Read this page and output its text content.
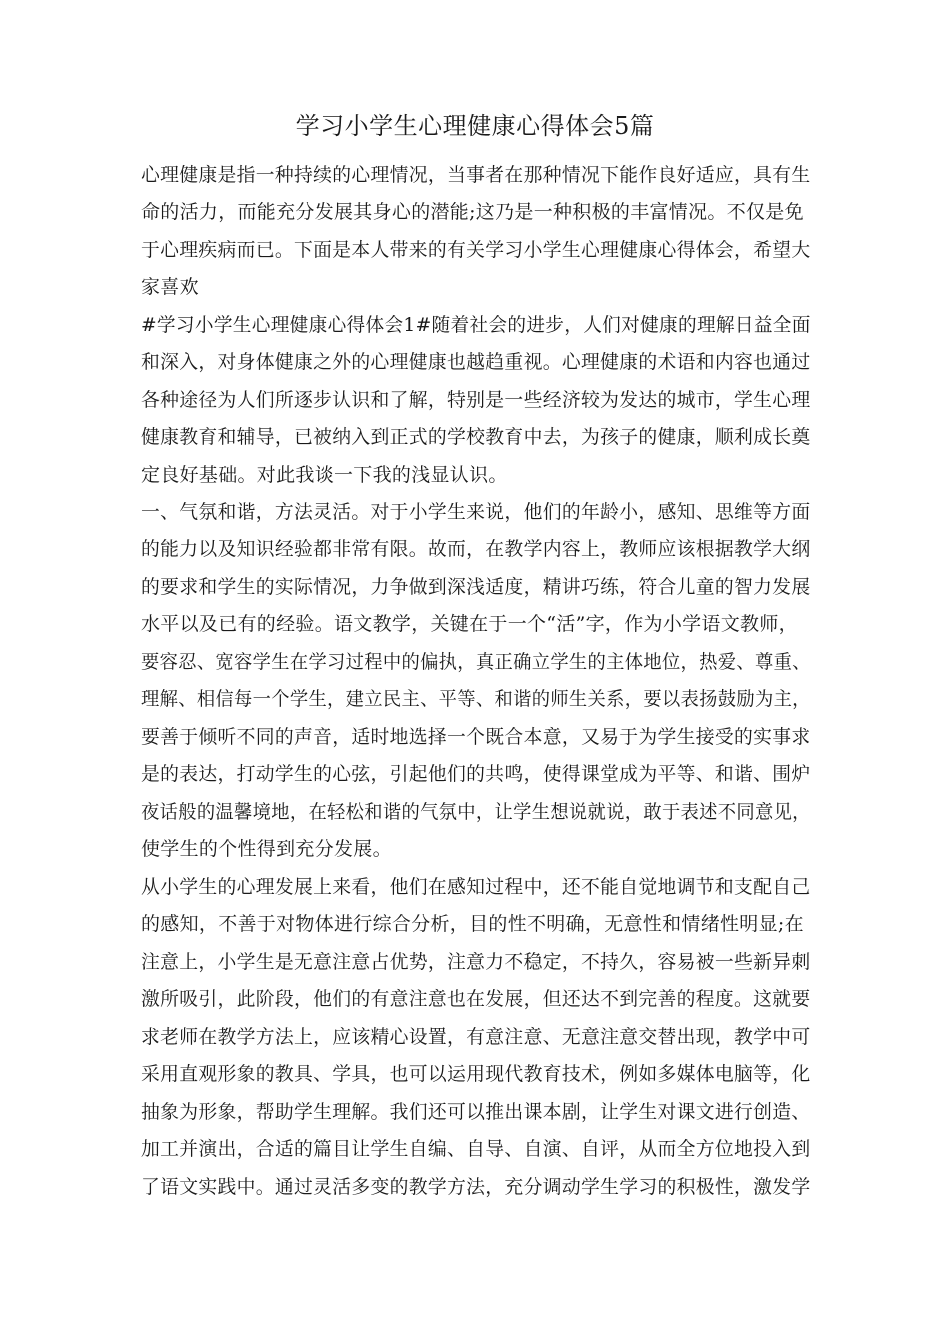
学习小学生心理健康心得体会5篇
心理健康是指一种持续的心理情况，当事者在那种情况下能作良好适应，具有生
命的活力，而能充分发展其身心的潜能;这乃是一种积极的丰富情况。不仅是免
于心理疾病而已。下面是本人带来的有关学习小学生心理健康心得体会，希望大
家喜欢
#学习小学生心理健康心得体会1#随着社会的进步，人们对健康的理解日益全面
和深入，对身体健康之外的心理健康也越趋重视。心理健康的术语和内容也通过
各种途径为人们所逐步认识和了解，特别是一些经济较为发达的城市，学生心理
健康教育和辅导，已被纳入到正式的学校教育中去，为孩子的健康，顺利成长奠
定良好基础。对此我谈一下我的浅显认识。
一、气氛和谐，方法灵活。对于小学生来说，他们的年龄小，感知、思维等方面
的能力以及知识经验都非常有限。故而，在教学内容上，教师应该根据教学大纲
的要求和学生的实际情况，力争做到深浅适度，精讲巧练，符合儿童的智力发展
水平以及已有的经验。语文教学，关键在于一个“活”字，作为小学语文教师，
要容忍、宽容学生在学习过程中的偏执，真正确立学生的主体地位，热爱、尊重、
理解、相信每一个学生，建立民主、平等、和谐的师生关系，要以表扬鼓励为主，
要善于倾听不同的声音，适时地选择一个既合本意，又易于为学生接受的实事求
是的表达，打动学生的心弦，引起他们的共鸣，使得课堂成为平等、和谐、围炉
夜话般的温馨境地，在轻松和谐的气氛中，让学生想说就说，敢于表述不同意见，
使学生的个性得到充分发展。
从小学生的心理发展上来看，他们在感知过程中，还不能自觉地调节和支配自己
的感知，不善于对物体进行综合分析，目的性不明确，无意性和情绪性明显;在
注意上，小学生是无意注意占优势，注意力不稳定，不持久，容易被一些新异刺
激所吸引，此阶段，他们的有意注意也在发展，但还达不到完善的程度。这就要
求老师在教学方法上，应该精心设置，有意注意、无意注意交替出现，教学中可
采用直观形象的教具、学具，也可以运用现代教育技术，例如多媒体电脑等，化
抽象为形象，帮助学生理解。我们还可以推出课本剧，让学生对课文进行创造、
加工并演出，合适的篇目让学生自编、自导、自演、自评，从而全方位地投入到
了语文实践中。通过灵活多变的教学方法，充分调动学生学习的积极性，激发学
